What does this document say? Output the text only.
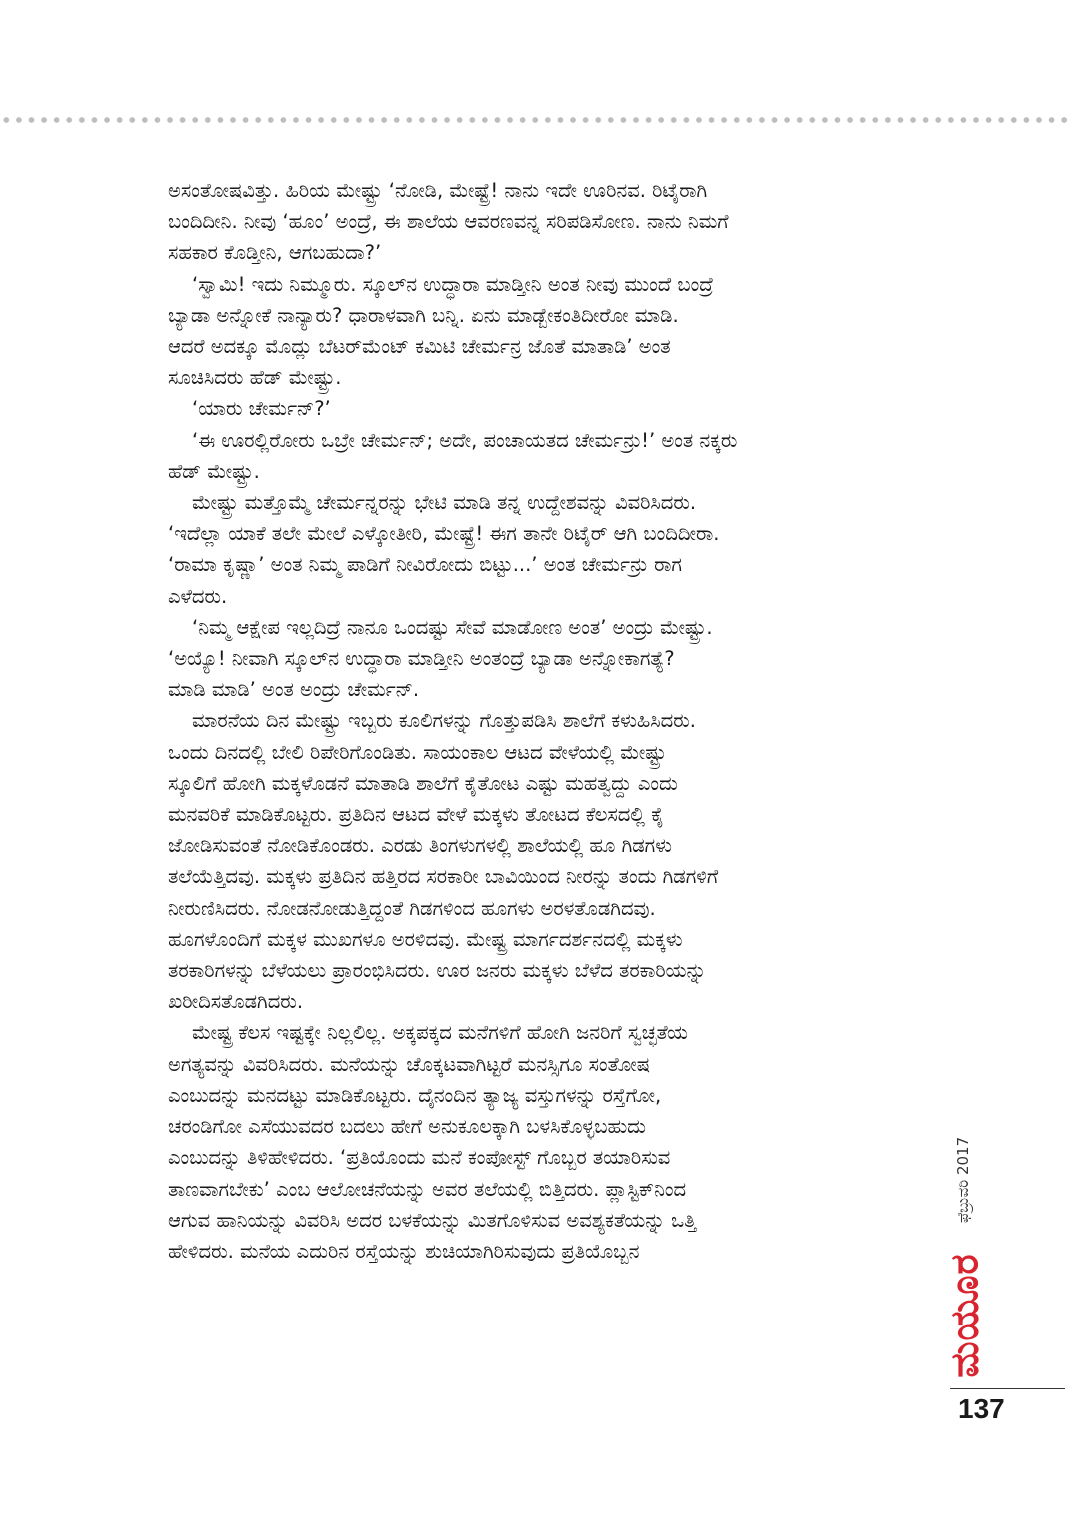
ಅಸಂತೋಷವಿತ್ತು. ಹಿರಿಯ ಮೇಷ್ಟ್ರು ‘ನೋಡಿ, ಮೇಷ್ಟ್ರೆ! ನಾನು ಇದೇ ಊರಿನವ. ರಿಟೈರಾಗಿ
ಬಂದಿದೀನಿ. ನೀವು ‘ಹೂಂ’ ಅಂದ್ರೆ, ಈ ಶಾಲೆಯ ಆವರಣವನ್ನ ಸರಿಪಡಿಸೋಣ. ನಾನು ನಿಮಗೆ
ಸಹಕಾರ ಕೊಡ್ತೀನಿ, ಆಗಬಹುದಾ?’

‘ಸ್ವಾಮಿ! ಇದು ನಿಮ್ಮೂರು. ಸ್ಕೂಲ್‌ನ ಉದ್ಧಾರಾ ಮಾಡ್ತೀನಿ ಅಂತ ನೀವು ಮುಂದೆ ಬಂದ್ರೆ
ಬ್ಯಾಡಾ ಅನ್ನೋಕೆ ನಾನ್ಯಾರು? ಧಾರಾಳವಾಗಿ ಬನ್ನಿ. ಏನು ಮಾಡ್ಬೇಕಂತಿದೀರೋ ಮಾಡಿ.
ಆದರೆ ಅದಕ್ಕೂ ಮೊದ್ಲು ಬೆಟರ್‌ಮೆಂಟ್ ಕಮಿಟಿ ಚೇರ್ಮನ್ರ ಜೊತೆ ಮಾತಾಡಿ’ ಅಂತ
ಸೂಚಿಸಿದರು ಹೆಡ್ ಮೇಷ್ಟ್ರು.

‘ಯಾರು ಚೇರ್ಮನ್?’

‘ಈ ಊರಲ್ಲಿರೋರು ಒಬ್ರೇ ಚೇರ್ಮನ್; ಅದೇ, ಪಂಚಾಯತದ ಚೇರ್ಮನ್ರು!’ ಅಂತ ನಕ್ಕರು
ಹೆಡ್ ಮೇಷ್ಟ್ರು.

ಮೇಷ್ಟ್ರು ಮತ್ತೊಮ್ಮೆ ಚೇರ್ಮನ್ನರನ್ನು ಭೇಟಿ ಮಾಡಿ ತನ್ನ ಉದ್ದೇಶವನ್ನು ವಿವರಿಸಿದರು.

‘ಇದೆಲ್ಲಾ ಯಾಕೆ ತಲೇ ಮೇಲೆ ಎಳ್ಕೋತೀರಿ, ಮೇಷ್ಟ್ರೆ! ಈಗ ತಾನೇ ರಿಟೈರ್ ಆಗಿ ಬಂದಿದೀರಾ.
‘ರಾಮಾ ಕೃಷ್ಣಾ’ ಅಂತ ನಿಮ್ಮ ಪಾಡಿಗೆ ನೀವಿರೋದು ಬಿಟ್ಟು...’ ಅಂತ ಚೇರ್ಮನ್ರು ರಾಗ
ಎಳೆದರು.

‘ನಿಮ್ಮ ಆಕ್ಷೇಪ ಇಲ್ಲದಿದ್ರೆ ನಾನೂ ಒಂದಷ್ಟು ಸೇವೆ ಮಾಡೋಣ ಅಂತ’ ಅಂದ್ರು ಮೇಷ್ಟ್ರು.

‘ಅಯ್ಯೊ! ನೀವಾಗಿ ಸ್ಕೂಲ್‌ನ ಉದ್ಧಾರಾ ಮಾಡ್ತೀನಿ ಅಂತಂದ್ರೆ ಬ್ಯಾಡಾ ಅನ್ನೋಕಾಗತ್ಯೆ?
ಮಾಡಿ ಮಾಡಿ’ ಅಂತ ಅಂದ್ರು ಚೇರ್ಮನ್.

ಮಾರನೆಯ ದಿನ ಮೇಷ್ಟ್ರು ಇಬ್ಬರು ಕೂಲಿಗಳನ್ನು ಗೊತ್ತುಪಡಿಸಿ ಶಾಲೆಗೆ ಕಳುಹಿಸಿದರು.
ಒಂದು ದಿನದಲ್ಲಿ ಬೇಲಿ ರಿಪೇರಿಗೊಂಡಿತು. ಸಾಯಂಕಾಲ ಆಟದ ವೇಳೆಯಲ್ಲಿ ಮೇಷ್ಟ್ರು
ಸ್ಕೂಲಿಗೆ ಹೋಗಿ ಮಕ್ಕಳೊಡನೆ ಮಾತಾಡಿ ಶಾಲೆಗೆ ಕೈತೋಟ ಎಷ್ಟು ಮಹತ್ವದ್ದು ಎಂದು
ಮನವರಿಕೆ ಮಾಡಿಕೊಟ್ಟರು. ಪ್ರತಿದಿನ ಆಟದ ವೇಳೆ ಮಕ್ಕಳು ತೋಟದ ಕೆಲಸದಲ್ಲಿ ಕೈ
ಜೋಡಿಸುವಂತೆ ನೋಡಿಕೊಂಡರು. ಎರಡು ತಿಂಗಳುಗಳಲ್ಲಿ ಶಾಲೆಯಲ್ಲಿ ಹೂ ಗಿಡಗಳು
ತಲೆಯೆತ್ತಿದವು. ಮಕ್ಕಳು ಪ್ರತಿದಿನ ಹತ್ತಿರದ ಸರಕಾರೀ ಬಾವಿಯಿಂದ ನೀರನ್ನು ತಂದು ಗಿಡಗಳಿಗೆ
ನೀರುಣಿಸಿದರು. ನೋಡನೋಡುತ್ತಿದ್ದಂತೆ ಗಿಡಗಳಿಂದ ಹೂಗಳು ಅರಳತೊಡಗಿದವು.
ಹೂಗಳೊಂದಿಗೆ ಮಕ್ಕಳ ಮುಖಗಳೂ ಅರಳಿದವು. ಮೇಷ್ಟ್ರ ಮಾರ್ಗದರ್ಶನದಲ್ಲಿ ಮಕ್ಕಳು
ತರಕಾರಿಗಳನ್ನು ಬೆಳೆಯಲು ಪ್ರಾರಂಭಿಸಿದರು. ಊರ ಜನರು ಮಕ್ಕಳು ಬೆಳೆದ ತರಕಾರಿಯನ್ನು
ಖರೀದಿಸತೊಡಗಿದರು.

ಮೇಷ್ಟ್ರ ಕೆಲಸ ಇಷ್ಟಕ್ಕೇ ನಿಲ್ಲಲಿಲ್ಲ. ಅಕ್ಕಪಕ್ಕದ ಮನೆಗಳಿಗೆ ಹೋಗಿ ಜನರಿಗೆ ಸ್ವಚ್ಛತೆಯ
ಅಗತ್ಯವನ್ನು ವಿವರಿಸಿದರು. ಮನೆಯನ್ನು ಚೊಕ್ಕಟವಾಗಿಟ್ಟರೆ ಮನಸ್ಸಿಗೂ ಸಂತೋಷ
ಎಂಬುದನ್ನು ಮನದಟ್ಟು ಮಾಡಿಕೊಟ್ಟರು. ದೈನಂದಿನ ತ್ಯಾಜ್ಯ ವಸ್ತುಗಳನ್ನು ರಸ್ತೆಗೋ,
ಚರಂಡಿಗೋ ಎಸೆಯುವದರ ಬದಲು ಹೇಗೆ ಅನುಕೂಲಕ್ಕಾಗಿ ಬಳಸಿಕೊಳ್ಳಬಹುದು
ಎಂಬುದನ್ನು ತಿಳಿಹೇಳಿದರು. ‘ಪ್ರತಿಯೊಂದು ಮನೆ ಕಂಪೋಸ್ಟ್ ಗೊಬ್ಬರ ತಯಾರಿಸುವ
ತಾಣವಾಗಬೇಕು’ ಎಂಬ ಆಲೋಚನೆಯನ್ನು ಅವರ ತಲೆಯಲ್ಲಿ ಬಿತ್ತಿದರು. ಪ್ಲಾಸ್ಟಿಕ್‌ನಿಂದ
ಆಗುವ ಹಾನಿಯನ್ನು ವಿವರಿಸಿ ಅದರ ಬಳಕೆಯನ್ನು ಮಿತಗೊಳಿಸುವ ಅವಶ್ಯಕತೆಯನ್ನು ಒತ್ತಿ
ಹೇಳಿದರು. ಮನೆಯ ಎದುರಿನ ರಸ್ತೆಯನ್ನು ಶುಚಿಯಾಗಿರಿಸುವುದು ಪ್ರತಿಯೊಬ್ಬನ

ಫೆಬ್ರುವರಿ 2017
ಮಯೂರ
137
